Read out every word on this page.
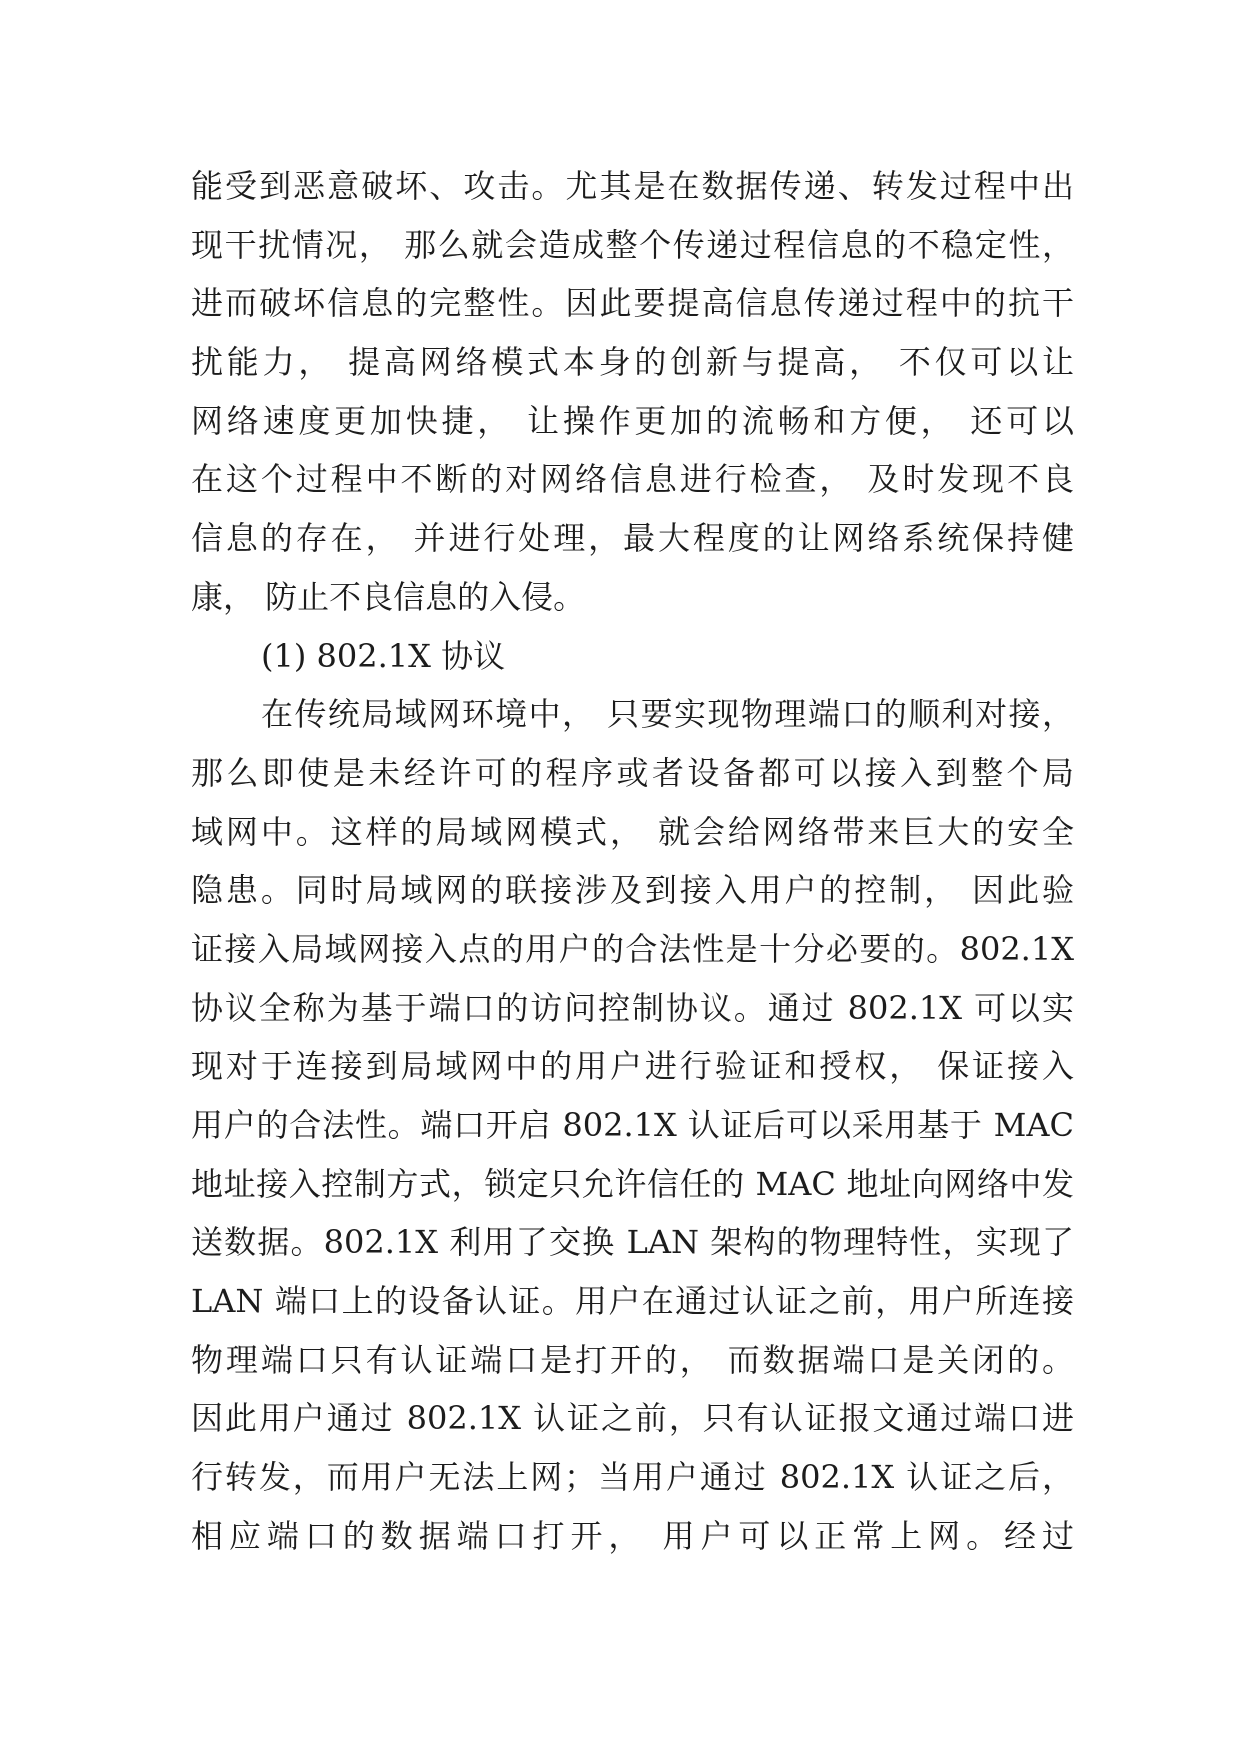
能受到恶意破坏、攻击。尤其是在数据传递、转发过程中出
现干扰情况， 那么就会造成整个传递过程信息的不稳定性，
进而破坏信息的完整性。因此要提高信息传递过程中的抗干
扰能力， 提高网络模式本身的创新与提高， 不仅可以让
网络速度更加快捷， 让操作更加的流畅和方便， 还可以
在这个过程中不断的对网络信息进行检查， 及时发现不良
信息的存在， 并进行处理，最大程度的让网络系统保持健
康， 防止不良信息的入侵。
(1) 802.1X 协议
在传统局域网环境中， 只要实现物理端口的顺利对接，
那么即使是未经许可的程序或者设备都可以接入到整个局
域网中。这样的局域网模式， 就会给网络带来巨大的安全
隐患。同时局域网的联接涉及到接入用户的控制， 因此验
证接入局域网接入点的用户的合法性是十分必要的。802.1X
协议全称为基于端口的访问控制协议。通过 802.1X 可以实
现对于连接到局域网中的用户进行验证和授权， 保证接入
用户的合法性。端口开启 802.1X 认证后可以采用基于 MAC
地址接入控制方式，锁定只允许信任的 MAC 地址向网络中发
送数据。802.1X 利用了交换 LAN 架构的物理特性，实现了
LAN 端口上的设备认证。用户在通过认证之前，用户所连接
物理端口只有认证端口是打开的， 而数据端口是关闭的。
因此用户通过 802.1X 认证之前，只有认证报文通过端口进
行转发，而用户无法上网；当用户通过 802.1X 认证之后，
相应端口的数据端口打开， 用户可以正常上网。经过
